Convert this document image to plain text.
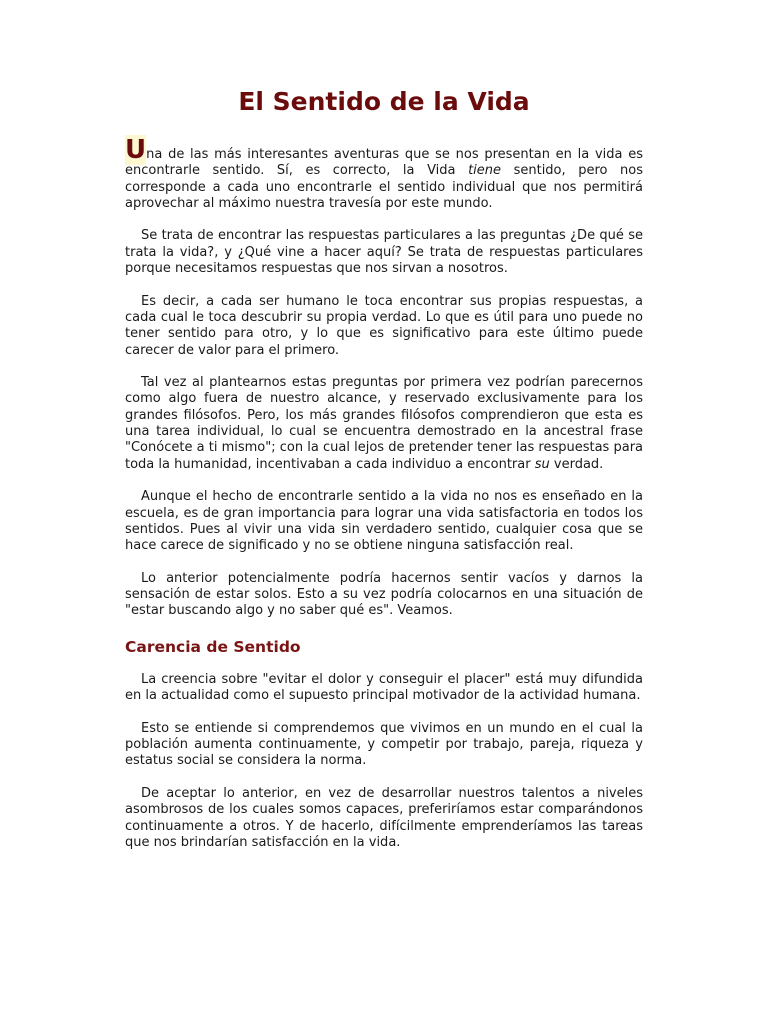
El Sentido de la Vida

Una de las más interesantes aventuras que se nos presentan en la vida es encontrarle sentido. Sí, es correcto, la Vida tiene sentido, pero nos corresponde a cada uno encontrarle el sentido individual que nos permitirá aprovechar al máximo nuestra travesía por este mundo.

Se trata de encontrar las respuestas particulares a las preguntas ¿De qué se trata la vida?, y ¿Qué vine a hacer aquí? Se trata de respuestas particulares porque necesitamos respuestas que nos sirvan a nosotros.

Es decir, a cada ser humano le toca encontrar sus propias respuestas, a cada cual le toca descubrir su propia verdad. Lo que es útil para uno puede no tener sentido para otro, y lo que es significativo para este último puede carecer de valor para el primero.

Tal vez al plantearnos estas preguntas por primera vez podrían parecernos como algo fuera de nuestro alcance, y reservado exclusivamente para los grandes filósofos. Pero, los más grandes filósofos comprendieron que esta es una tarea individual, lo cual se encuentra demostrado en la ancestral frase "Conócete a ti mismo"; con la cual lejos de pretender tener las respuestas para toda la humanidad, incentivaban a cada individuo a encontrar su verdad.

Aunque el hecho de encontrarle sentido a la vida no nos es enseñado en la escuela, es de gran importancia para lograr una vida satisfactoria en todos los sentidos. Pues al vivir una vida sin verdadero sentido, cualquier cosa que se hace carece de significado y no se obtiene ninguna satisfacción real.

Lo anterior potencialmente podría hacernos sentir vacíos y darnos la sensación de estar solos. Esto a su vez podría colocarnos en una situación de "estar buscando algo y no saber qué es". Veamos.

Carencia de Sentido

La creencia sobre "evitar el dolor y conseguir el placer" está muy difundida en la actualidad como el supuesto principal motivador de la actividad humana.

Esto se entiende si comprendemos que vivimos en un mundo en el cual la población aumenta continuamente, y competir por trabajo, pareja, riqueza y estatus social se considera la norma.

De aceptar lo anterior, en vez de desarrollar nuestros talentos a niveles asombrosos de los cuales somos capaces, preferiríamos estar comparándonos continuamente a otros. Y de hacerlo, difícilmente emprenderíamos las tareas que nos brindarían satisfacción en la vida.
